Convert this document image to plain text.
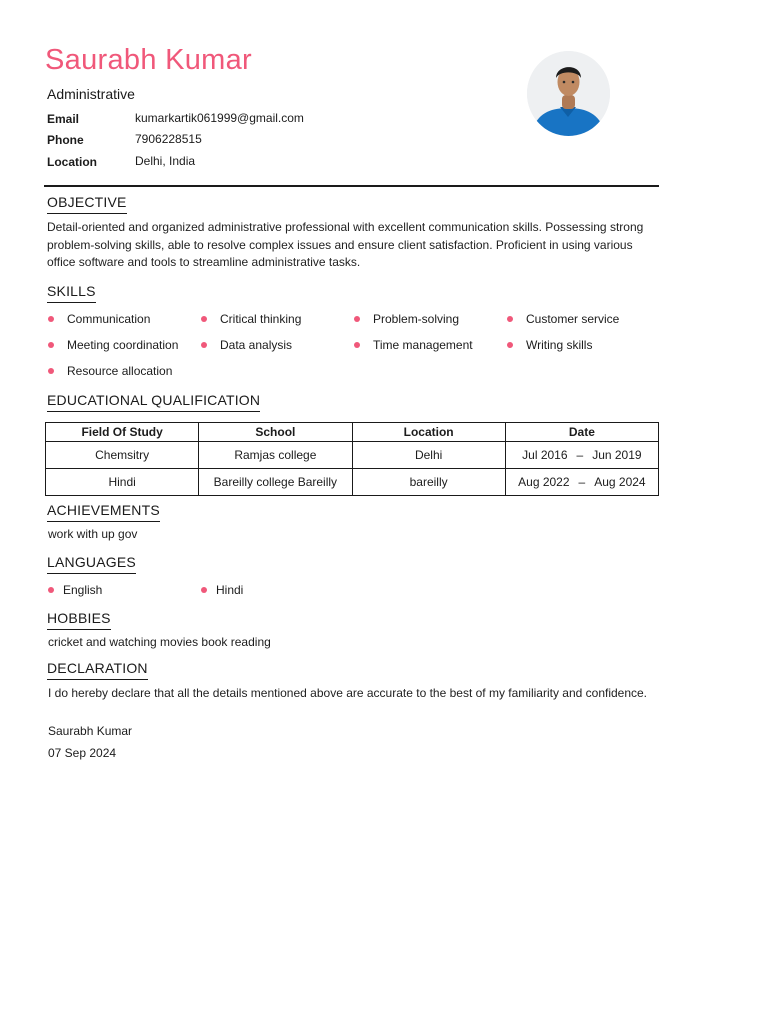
Saurabh Kumar
Administrative
Email	kumarkartik061999@gmail.com
Phone	7906228515
Location	Delhi, India
OBJECTIVE
Detail-oriented and organized administrative professional with excellent communication skills. Possessing strong problem-solving skills, able to resolve complex issues and ensure client satisfaction. Proficient in using various office software and tools to streamline administrative tasks.
SKILLS
Communication	Critical thinking	Problem-solving	Customer service
Meeting coordination	Data analysis	Time management	Writing skills
Resource allocation
EDUCATIONAL QUALIFICATION
Field Of Study	School	Location	Date
Chemsitry	Ramjas college	Delhi	Jul 2016 – Jun 2019
Hindi	Bareilly college Bareilly	bareilly	Aug 2022 – Aug 2024
ACHIEVEMENTS
work with up gov
LANGUAGES
English	Hindi
HOBBIES
cricket and watching movies book reading
DECLARATION
I do hereby declare that all the details mentioned above are accurate to the best of my familiarity and confidence.
Saurabh Kumar
07 Sep 2024
